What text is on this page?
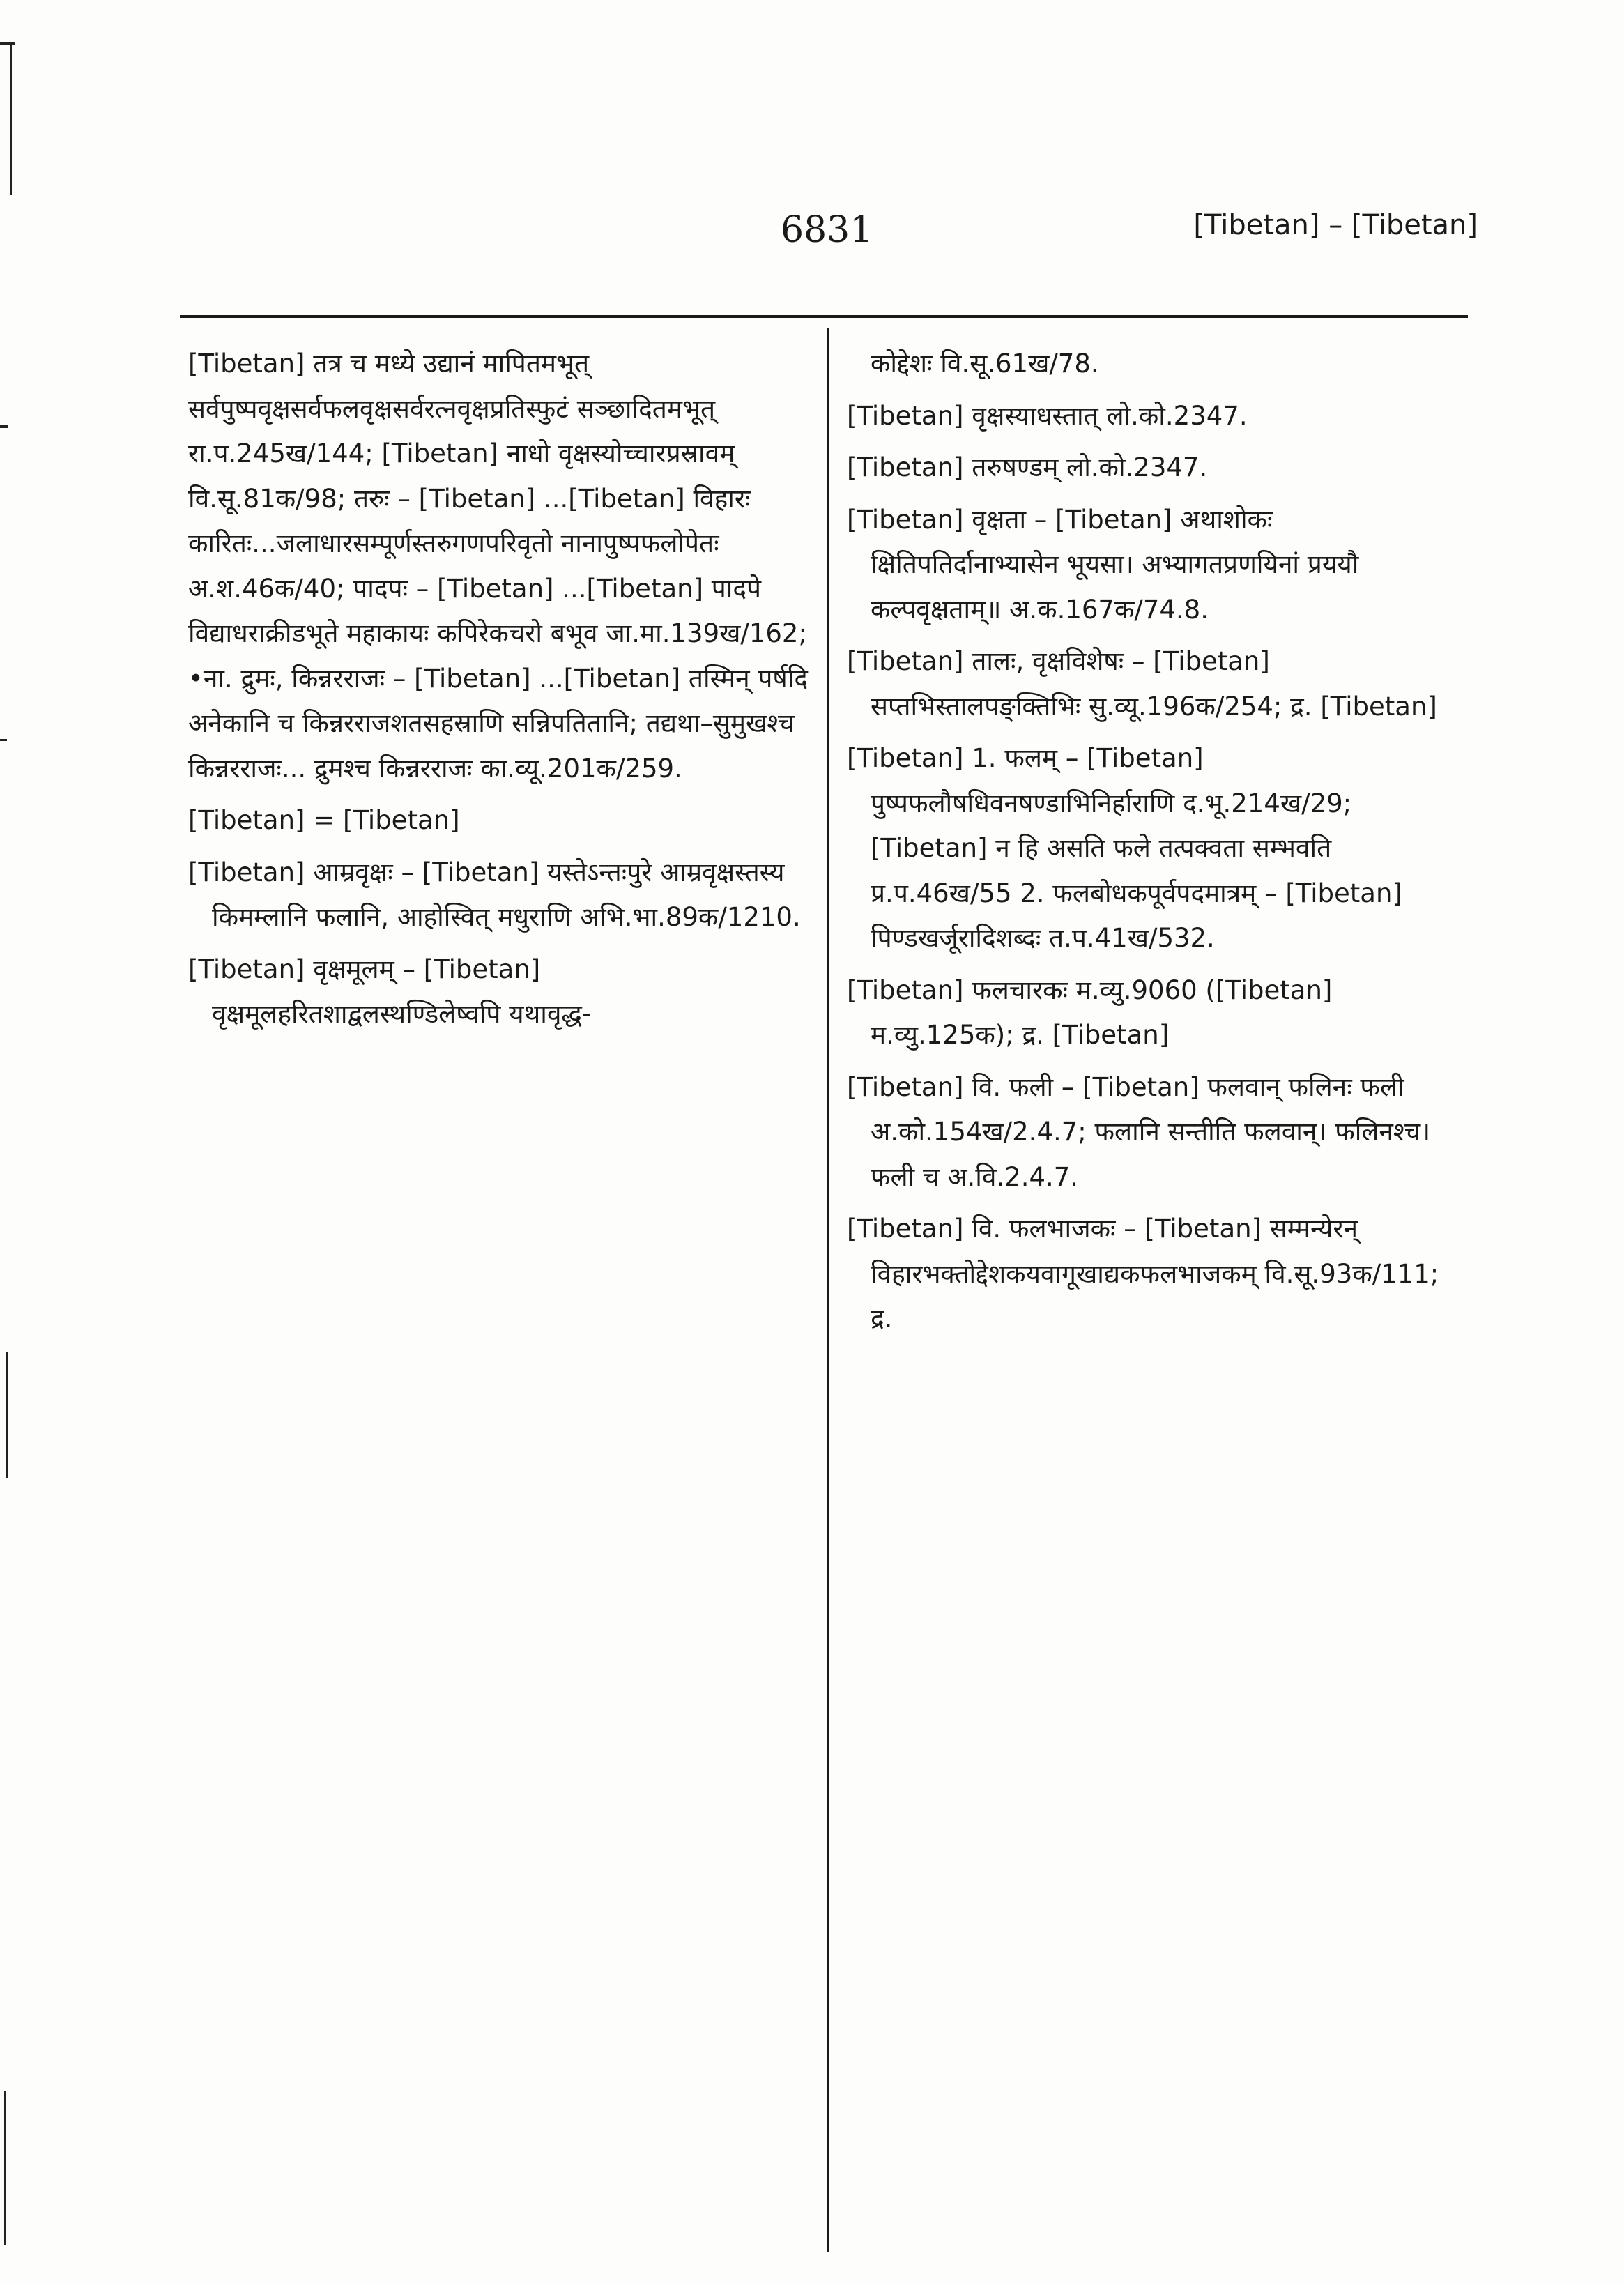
6831	[Tibetan] – [Tibetan]

[Tibetan] तत्र च मध्ये उद्यानं मापितमभूत् सर्वपुष्पवृक्षसर्वफलवृक्षसर्वरत्नवृक्षप्रतिस्फुटं सञ्छादितमभूत् रा.प.245ख/144; [Tibetan] नाधो वृक्षस्योच्चारप्रस्रावम् वि.सू.81क/98; तरुः – [Tibetan] ...[Tibetan] विहारः कारितः...जलाधारसम्पूर्णस्तरुगणपरिवृतो नानापुष्पफलोपेतः अ.श.46क/40; पादपः – [Tibetan] ...[Tibetan] पादपे विद्याधराक्रीडभूते महाकायः कपिरेकचरो बभूव जा.मा.139ख/162; •ना. द्रुमः, किन्नरराजः – [Tibetan] ...[Tibetan] तस्मिन् पर्षदि अनेकानि च किन्नरराजशतसहस्राणि सन्निपतितानि; तद्यथा–सुमुखश्च किन्नरराजः... द्रुमश्च किन्नरराजः का.व्यू.201क/259.

[Tibetan] = [Tibetan]

[Tibetan] आम्रवृक्षः – [Tibetan] यस्तेऽन्तःपुरे आम्रवृक्षस्तस्य किमम्लानि फलानि, आहोस्वित् मधुराणि अभि.भा.89क/1210.

[Tibetan] वृक्षमूलम् – [Tibetan] वृक्षमूलहरितशाद्वलस्थण्डिलेष्वपि यथावृद्ध-

कोद्देशः वि.सू.61ख/78.

[Tibetan] वृक्षस्याधस्तात् लो.को.2347.

[Tibetan] तरुषण्डम् लो.को.2347.

[Tibetan] वृक्षता – [Tibetan] अथाशोकः क्षितिपतिर्दानाभ्यासेन भूयसा। अभ्यागतप्रणयिनां प्रययौ कल्पवृक्षताम्॥ अ.क.167क/74.8.

[Tibetan] तालः, वृक्षविशेषः – [Tibetan] सप्तभिस्तालपङ्क्तिभिः सु.व्यू.196क/254; द्र. [Tibetan]

[Tibetan] 1. फलम् – [Tibetan] पुष्पफलौषधिवनषण्डाभिनिर्हाराणि द.भू.214ख/29; [Tibetan] न हि असति फले तत्पक्वता सम्भवति प्र.प.46ख/55 2. फलबोधकपूर्वपदमात्रम् – [Tibetan] पिण्डखर्जूरादिशब्दः त.प.41ख/532.

[Tibetan] फलचारकः म.व्यु.9060 ([Tibetan] म.व्यु.125क); द्र. [Tibetan]

[Tibetan] वि. फली – [Tibetan] फलवान् फलिनः फली अ.को.154ख/2.4.7; फलानि सन्तीति फलवान्। फलिनश्च। फली च अ.वि.2.4.7.

[Tibetan] वि. फलभाजकः – [Tibetan] सम्मन्येरन् विहारभक्तोद्देशकयवागूखाद्यकफलभाजकम् वि.सू.93क/111; द्र.
